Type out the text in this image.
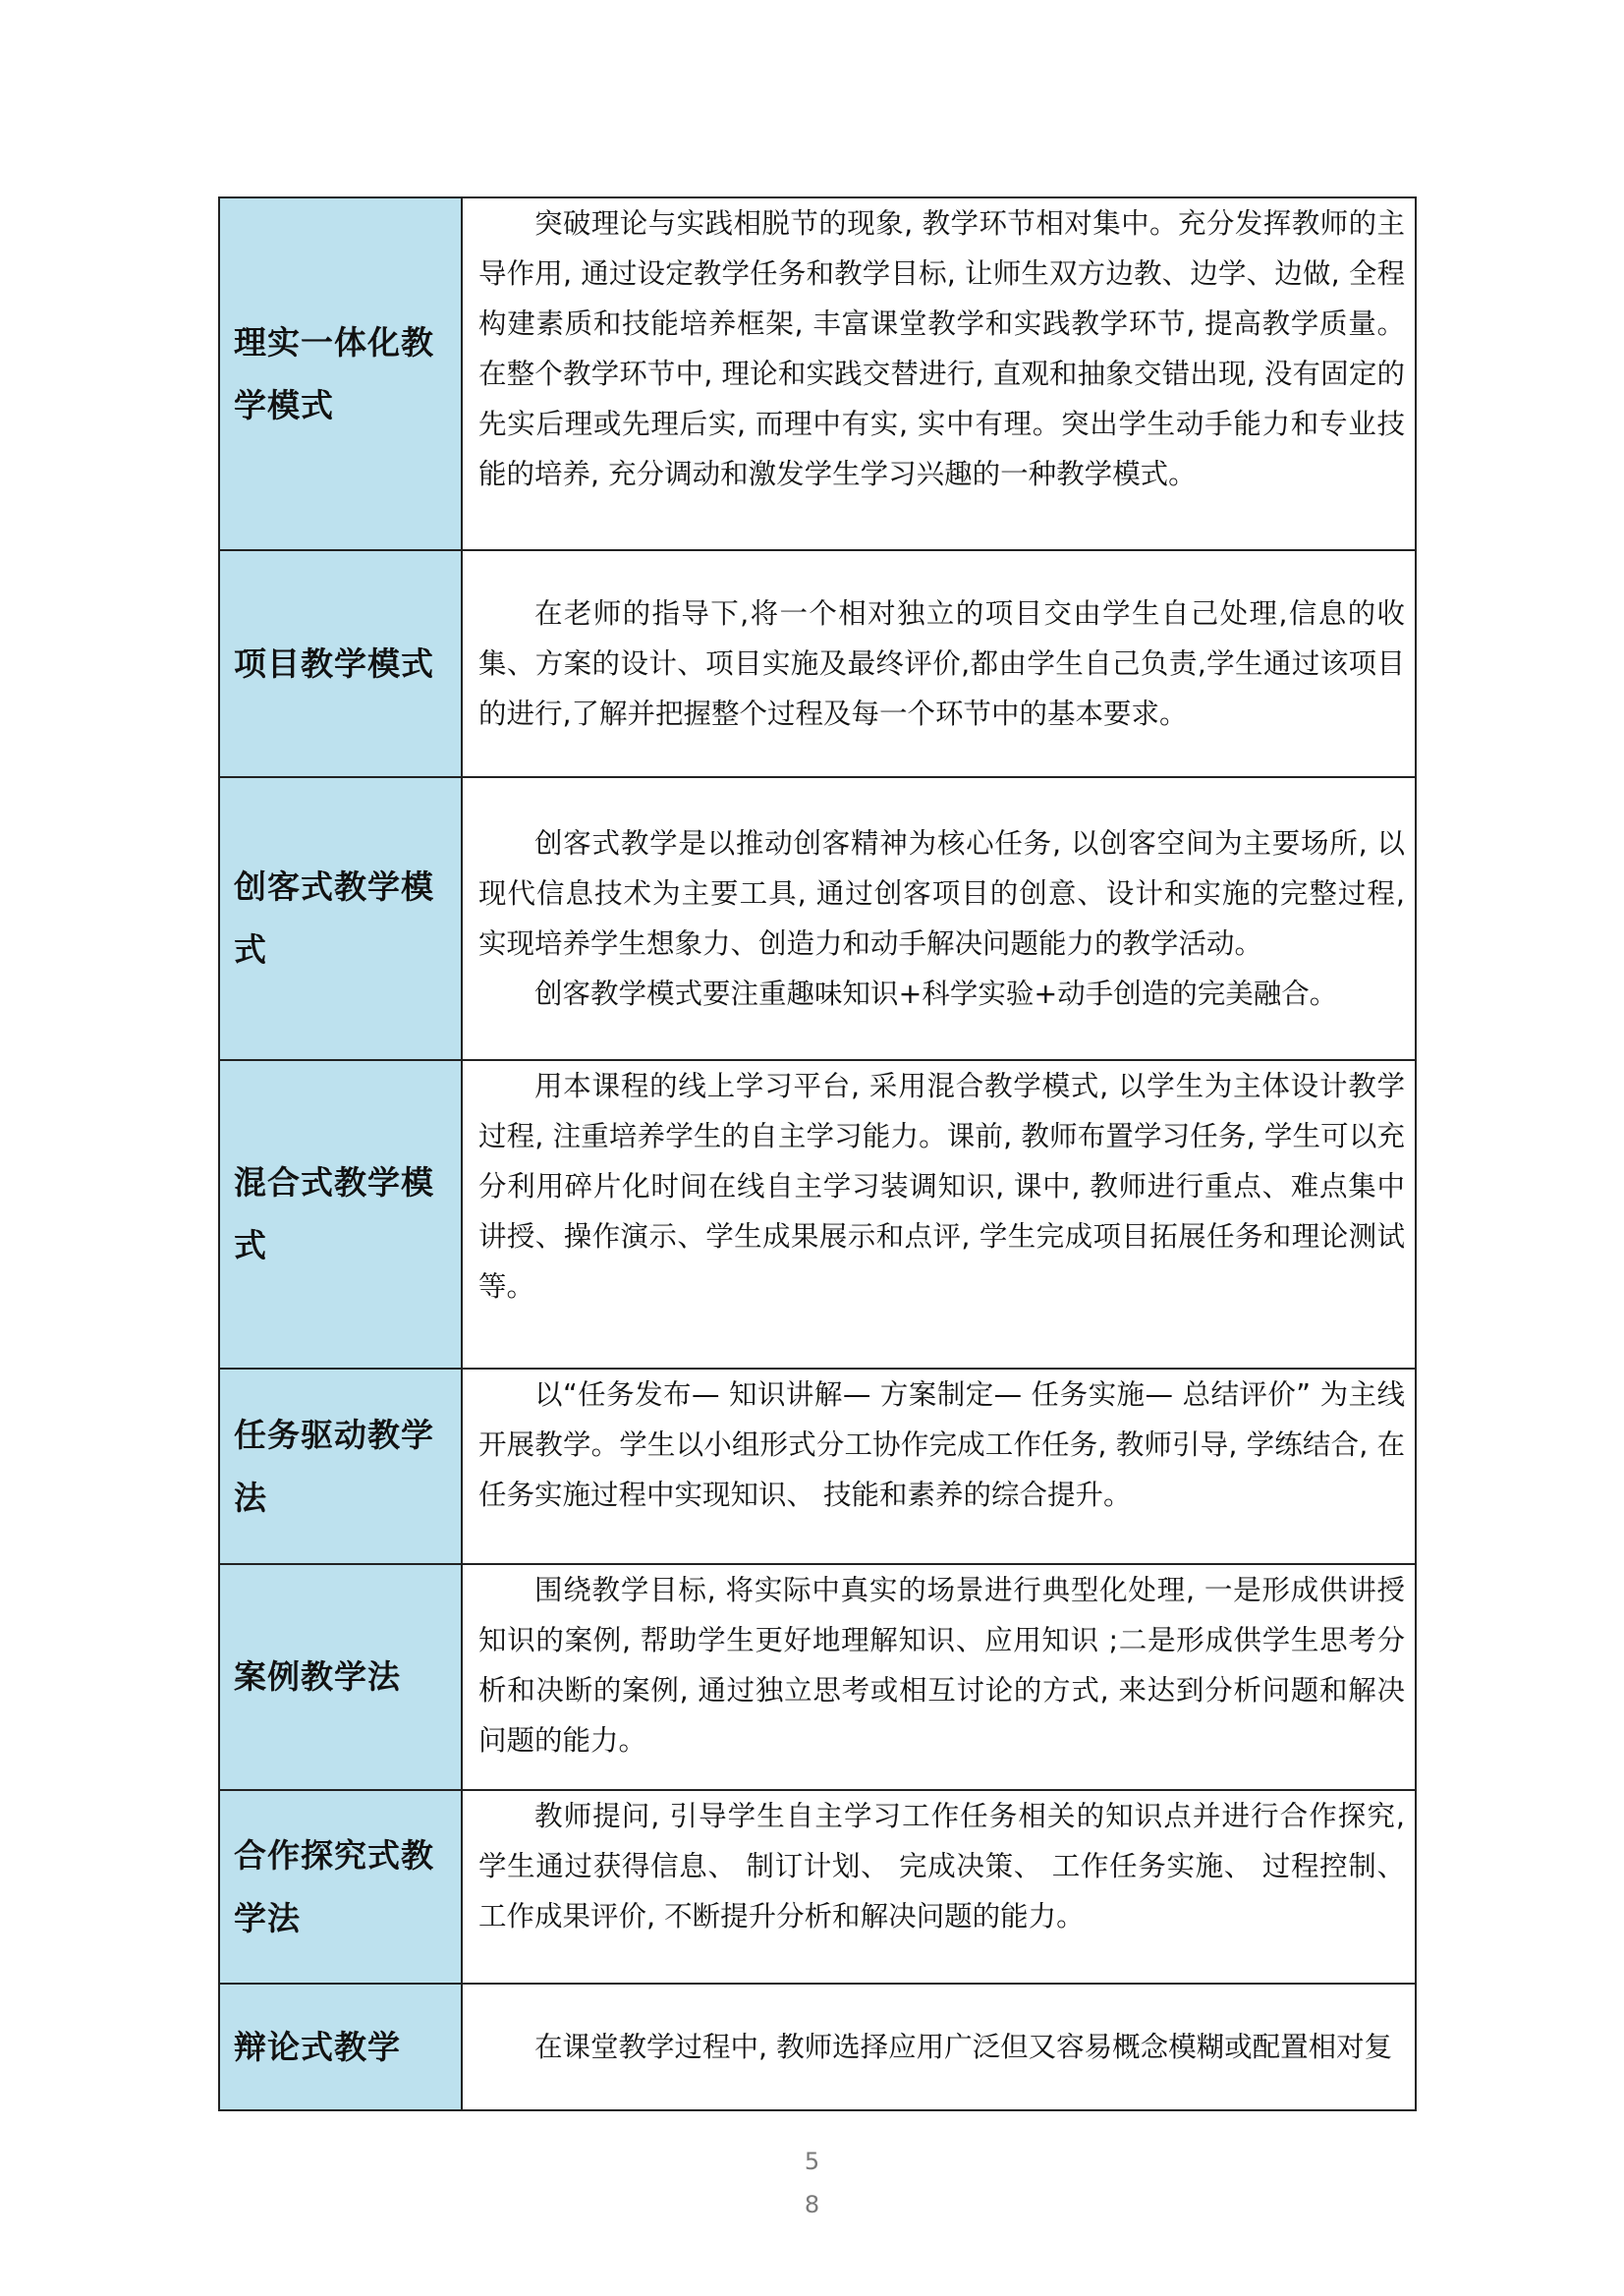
理实一体化教学模式	突破理论与实践相脱节的现象, 教学环节相对集中。充分发挥教师的主导作用, 通过设定教学任务和教学目标, 让师生双方边教、边学、边做, 全程构建素质和技能培养框架, 丰富课堂教学和实践教学环节, 提高教学质量。在整个教学环节中, 理论和实践交替进行, 直观和抽象交错出现, 没有固定的先实后理或先理后实, 而理中有实, 实中有理。突出学生动手能力和专业技能的培养, 充分调动和激发学生学习兴趣的一种教学模式。

项目教学模式	在老师的指导下,将一个相对独立的项目交由学生自己处理,信息的收集、方案的设计、项目实施及最终评价,都由学生自己负责,学生通过该项目的进行,了解并把握整个过程及每一个环节中的基本要求。

创客式教学模式	创客式教学是以推动创客精神为核心任务, 以创客空间为主要场所, 以现代信息技术为主要工具, 通过创客项目的创意、设计和实施的完整过程, 实现培养学生想象力、创造力和动手解决问题能力的教学活动。

创客教学模式要注重趣味知识+科学实验+动手创造的完美融合。

混合式教学模式	用本课程的线上学习平台, 采用混合教学模式, 以学生为主体设计教学过程, 注重培养学生的自主学习能力。课前, 教师布置学习任务, 学生可以充分利用碎片化时间在线自主学习装调知识, 课中, 教师进行重点、难点集中讲授、操作演示、学生成果展示和点评, 学生完成项目拓展任务和理论测试等。

任务驱动教学法	以“任务发布— 知识讲解— 方案制定— 任务实施— 总结评价” 为主线开展教学。学生以小组形式分工协作完成工作任务, 教师引导, 学练结合, 在任务实施过程中实现知识、 技能和素养的综合提升。

案例教学法	围绕教学目标, 将实际中真实的场景进行典型化处理, 一是形成供讲授知识的案例, 帮助学生更好地理解知识、应用知识 ;二是形成供学生思考分析和决断的案例, 通过独立思考或相互讨论的方式, 来达到分析问题和解决问题的能力。

合作探究式教学法	教师提问, 引导学生自主学习工作任务相关的知识点并进行合作探究, 学生通过获得信息、 制订计划、 完成决策、 工作任务实施、 过程控制、 工作成果评价, 不断提升分析和解决问题的能力。

辩论式教学	在课堂教学过程中, 教师选择应用广泛但又容易概念模糊或配置相对复

5
8
